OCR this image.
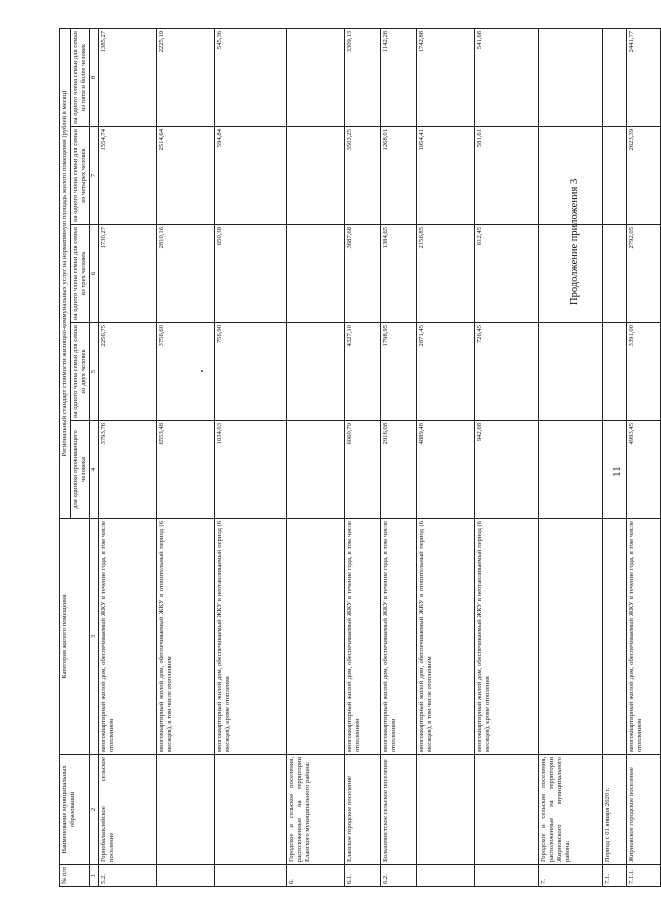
11
Продолжение приложения 3
№ п/п	Наименование муниципальных образований	Категория жилого помещения	Региональный стандарт стоимости жилищно-коммунальных услуг на нормативную площадь жилого помещения (рублей в месяц)				
			для одиноко проживающего человека	на одного члена семьи для семьи из двух человек	на одного члена семьи для семьи из трех человек	на одного члена семьи для семьи из четырех человек	на одного члена семьи для семьи из пяти и более человек
1	2	3	4	5	6	7	8
5.2.	Горнобалыклейское сельское поселение	многоквартирный жилой дом, обеспечиваемый ЖКУ в течение года, в том числе отоплением	3793,76	2256,75	1730,27	1554,74	1385,27
		многоквартирный жилой дом, обеспечиваемый ЖКУ в отопительный период (6 месяцев), в том числе отоплением	6553,48	3756,60	2810,16	2514,64	2225,19
		многоквартирный жилой дом, обеспечиваемый ЖКУ в неотапливаемый период (6 месяцев), кроме отопления	1034,03	756,90	650,38	594,84	545,36
6.	Городское и сельское поселения, расположенные на территории Еланского муниципального района:						
6.1.	Еланское городское поселение	многоквартирный жилой дом, обеспечиваемый ЖКУ в течение года, в том числе отоплением	6060,79	4327,10	3687,68	3503,25	3309,13
6.2.	Большевистское сельское поселение	многоквартирный жилой дом, обеспечиваемый ЖКУ в течение года, в том числе отоплением	2916,08	1798,95	1384,65	1268,01	1142,28
		многоквартирный жилой дом, обеспечиваемый ЖКУ в отопительный период (6 месяцев), в том числе отоплением	4889,48	2871,45	2156,85	1954,41	1742,88
		многоквартирный жилой дом, обеспечиваемый ЖКУ в неотапливаемый период (6 месяцев), кроме отопления	942,68	726,45	612,45	581,61	541,68
7.	Городское и сельские поселения, расположенные на территории Жирновского муниципального района:						
7.1.	Период с 01 января 2020 г.						
7.1.1.	Жирновское городское поселение	многоквартирный жилой дом, обеспечиваемый ЖКУ в течение года, в том числе отоплением	4993,45	3391,00	2792,05	2623,39	2441,77
